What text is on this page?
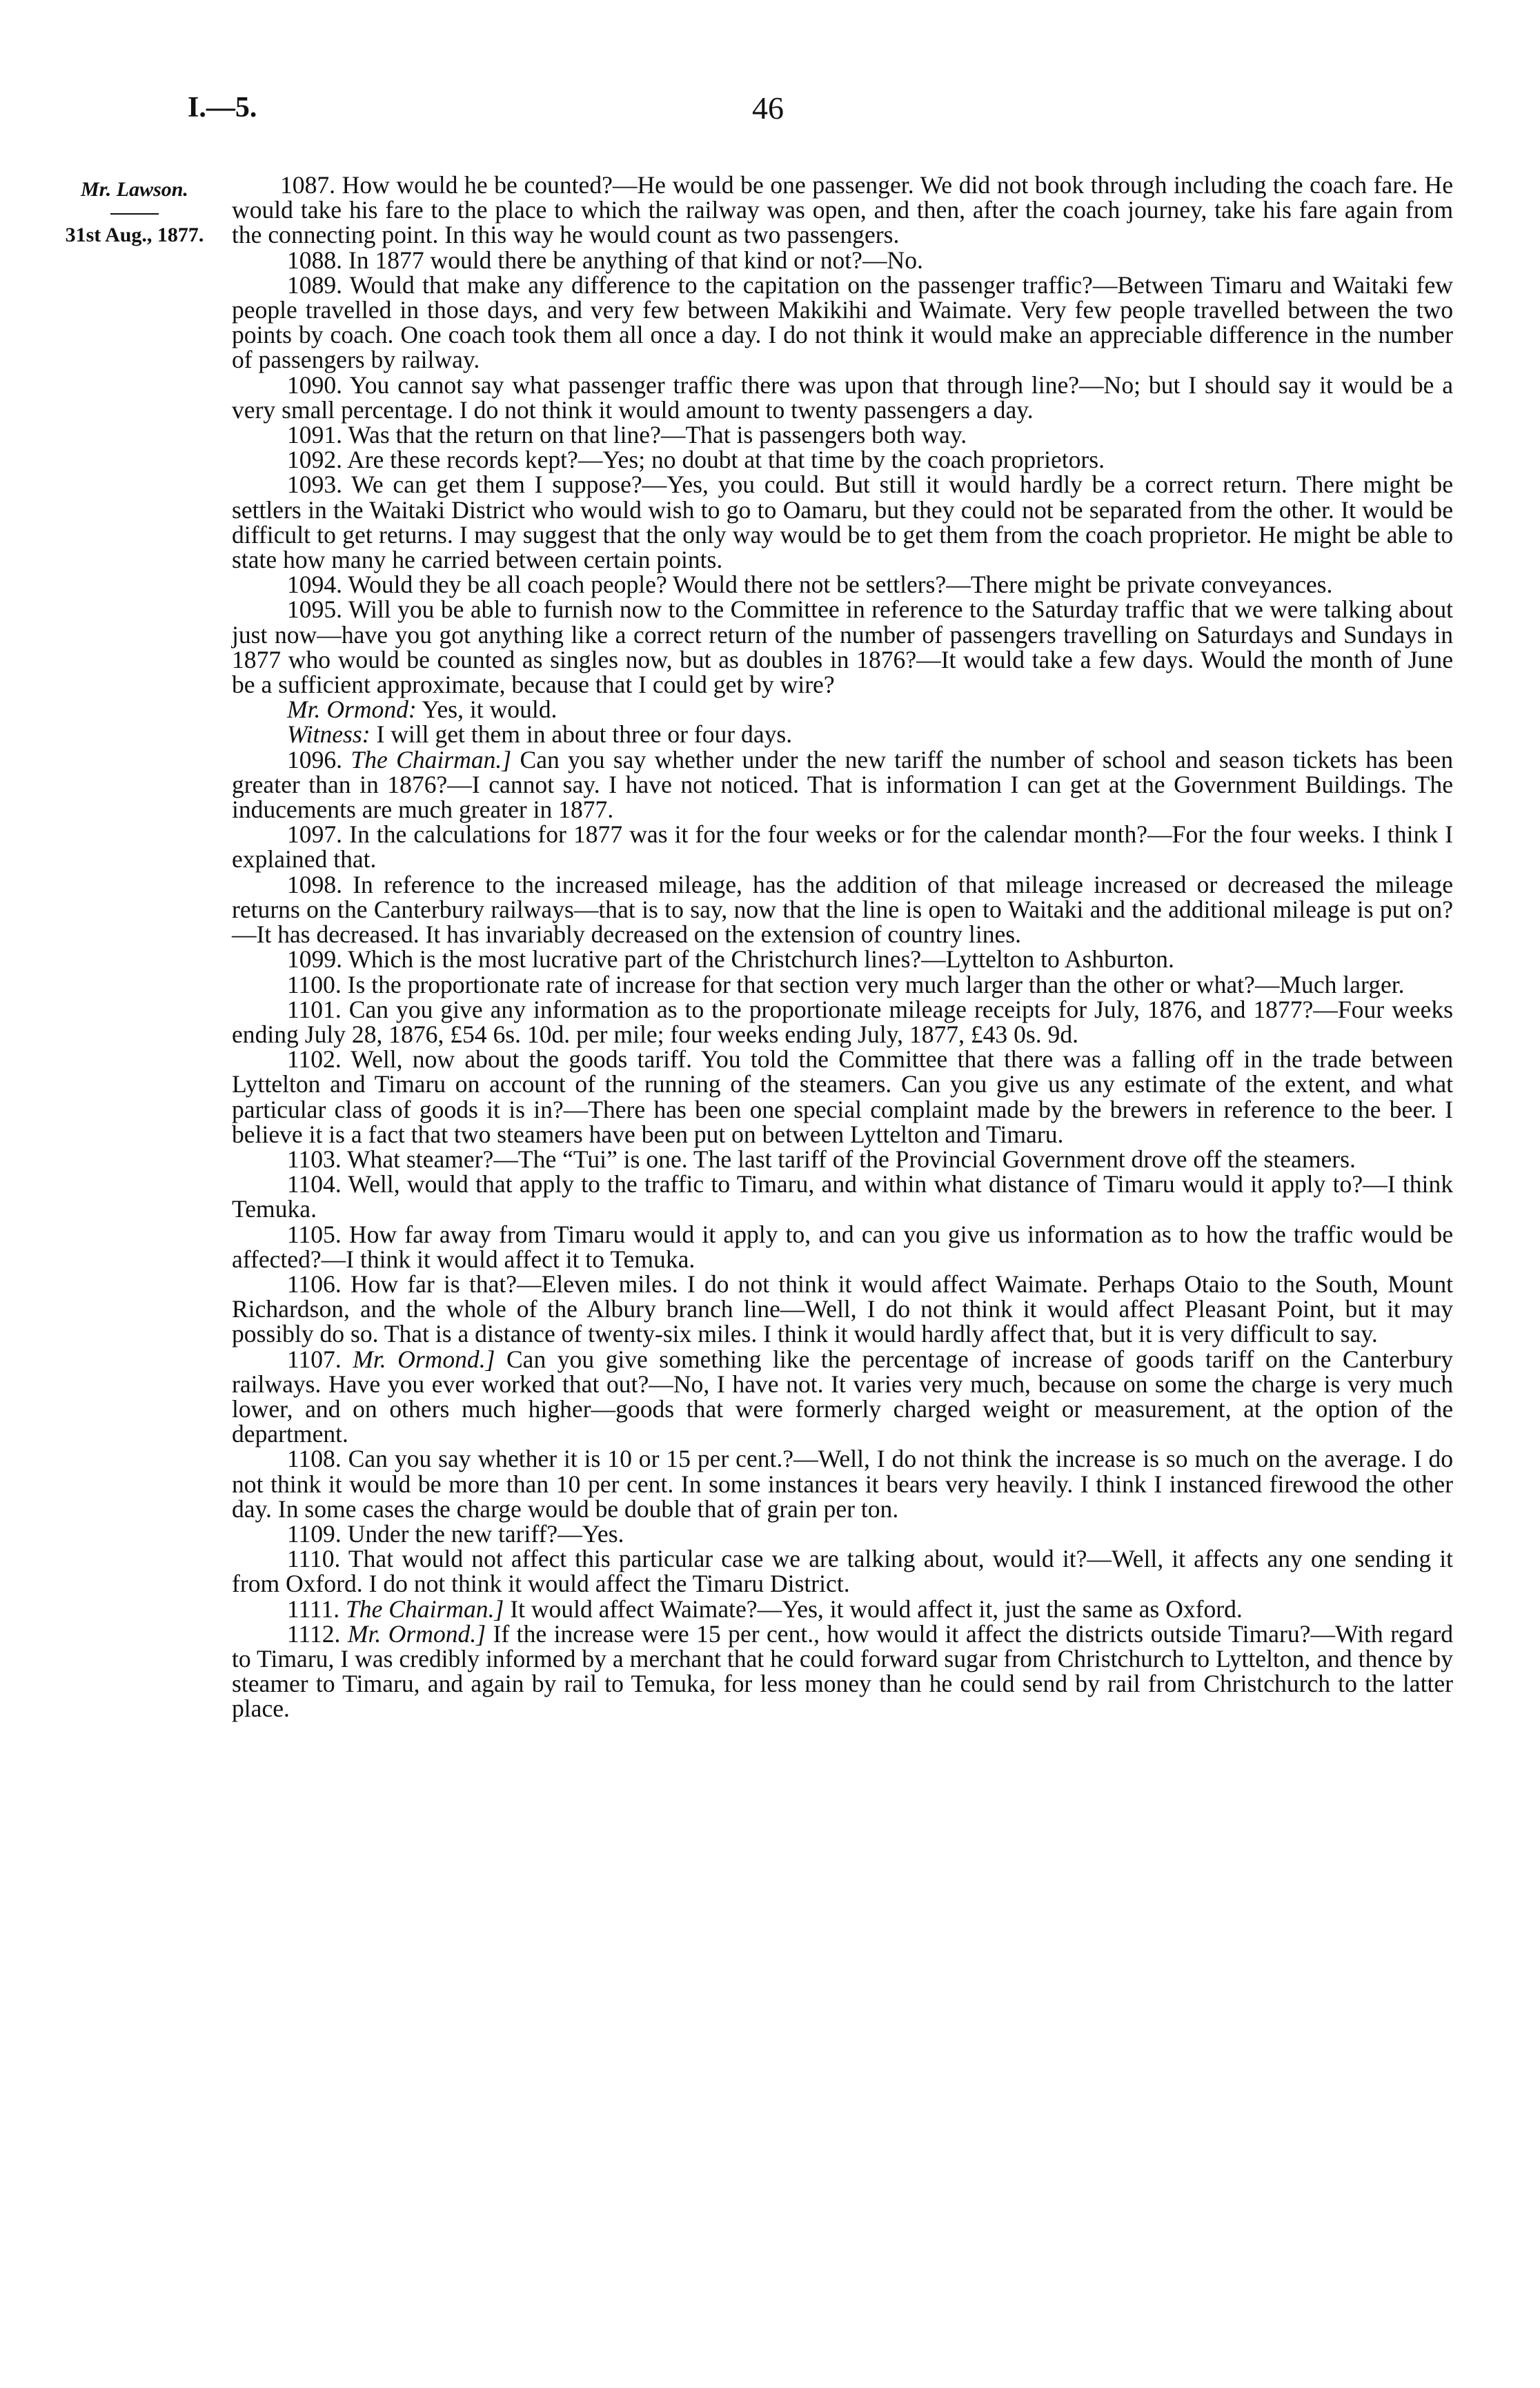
I.—5.	46
Mr. Lawson.
31st Aug., 1877.

1087. How would he be counted?—He would be one passenger. We did not book through including the coach fare. He would take his fare to the place to which the railway was open, and then, after the coach journey, take his fare again from the connecting point. In this way he would count as two passengers.

1088. In 1877 would there be anything of that kind or not?—No.

1089. Would that make any difference to the capitation on the passenger traffic?—Between Timaru and Waitaki few people travelled in those days, and very few between Makikihi and Waimate. Very few people travelled between the two points by coach. One coach took them all once a day. I do not think it would make an appreciable difference in the number of passengers by railway.

1090. You cannot say what passenger traffic there was upon that through line?—No; but I should say it would be a very small percentage. I do not think it would amount to twenty passengers a day.

1091. Was that the return on that line?—That is passengers both way.

1092. Are these records kept?—Yes; no doubt at that time by the coach proprietors.

1093. We can get them I suppose?—Yes, you could. But still it would hardly be a correct return. There might be settlers in the Waitaki District who would wish to go to Oamaru, but they could not be separated from the other. It would be difficult to get returns. I may suggest that the only way would be to get them from the coach proprietor. He might be able to state how many he carried between certain points.

1094. Would they be all coach people? Would there not be settlers?—There might be private conveyances.

1095. Will you be able to furnish now to the Committee in reference to the Saturday traffic that we were talking about just now—have you got anything like a correct return of the number of passengers travelling on Saturdays and Sundays in 1877 who would be counted as singles now, but as doubles in 1876?—It would take a few days. Would the month of June be a sufficient approximate, because that I could get by wire?

Mr. Ormond: Yes, it would.

Witness: I will get them in about three or four days.

1096. The Chairman.] Can you say whether under the new tariff the number of school and season tickets has been greater than in 1876?—I cannot say. I have not noticed. That is information I can get at the Government Buildings. The inducements are much greater in 1877.

1097. In the calculations for 1877 was it for the four weeks or for the calendar month?—For the four weeks. I think I explained that.

1098. In reference to the increased mileage, has the addition of that mileage increased or decreased the mileage returns on the Canterbury railways—that is to say, now that the line is open to Waitaki and the additional mileage is put on?—It has decreased. It has invariably decreased on the extension of country lines.

1099. Which is the most lucrative part of the Christchurch lines?—Lyttelton to Ashburton.

1100. Is the proportionate rate of increase for that section very much larger than the other or what?—Much larger.

1101. Can you give any information as to the proportionate mileage receipts for July, 1876, and 1877?—Four weeks ending July 28, 1876, £54 6s. 10d. per mile; four weeks ending July, 1877, £43 0s. 9d.

1102. Well, now about the goods tariff. You told the Committee that there was a falling off in the trade between Lyttelton and Timaru on account of the running of the steamers. Can you give us any estimate of the extent, and what particular class of goods it is in?—There has been one special complaint made by the brewers in reference to the beer. I believe it is a fact that two steamers have been put on between Lyttelton and Timaru.

1103. What steamer?—The “Tui” is one. The last tariff of the Provincial Government drove off the steamers.

1104. Well, would that apply to the traffic to Timaru, and within what distance of Timaru would it apply to?—I think Temuka.

1105. How far away from Timaru would it apply to, and can you give us information as to how the traffic would be affected?—I think it would affect it to Temuka.

1106. How far is that?—Eleven miles. I do not think it would affect Waimate. Perhaps Otaio to the South, Mount Richardson, and the whole of the Albury branch line—Well, I do not think it would affect Pleasant Point, but it may possibly do so. That is a distance of twenty-six miles. I think it would hardly affect that, but it is very difficult to say.

1107. Mr. Ormond.] Can you give something like the percentage of increase of goods tariff on the Canterbury railways. Have you ever worked that out?—No, I have not. It varies very much, because on some the charge is very much lower, and on others much higher—goods that were formerly charged weight or measurement, at the option of the department.

1108. Can you say whether it is 10 or 15 per cent.?—Well, I do not think the increase is so much on the average. I do not think it would be more than 10 per cent. In some instances it bears very heavily. I think I instanced firewood the other day. In some cases the charge would be double that of grain per ton.

1109. Under the new tariff?—Yes.

1110. That would not affect this particular case we are talking about, would it?—Well, it affects any one sending it from Oxford. I do not think it would affect the Timaru District.

1111. The Chairman.] It would affect Waimate?—Yes, it would affect it, just the same as Oxford.

1112. Mr. Ormond.] If the increase were 15 per cent., how would it affect the districts outside Timaru?—With regard to Timaru, I was credibly informed by a merchant that he could forward sugar from Christchurch to Lyttelton, and thence by steamer to Timaru, and again by rail to Temuka, for less money than he could send by rail from Christchurch to the latter place.
